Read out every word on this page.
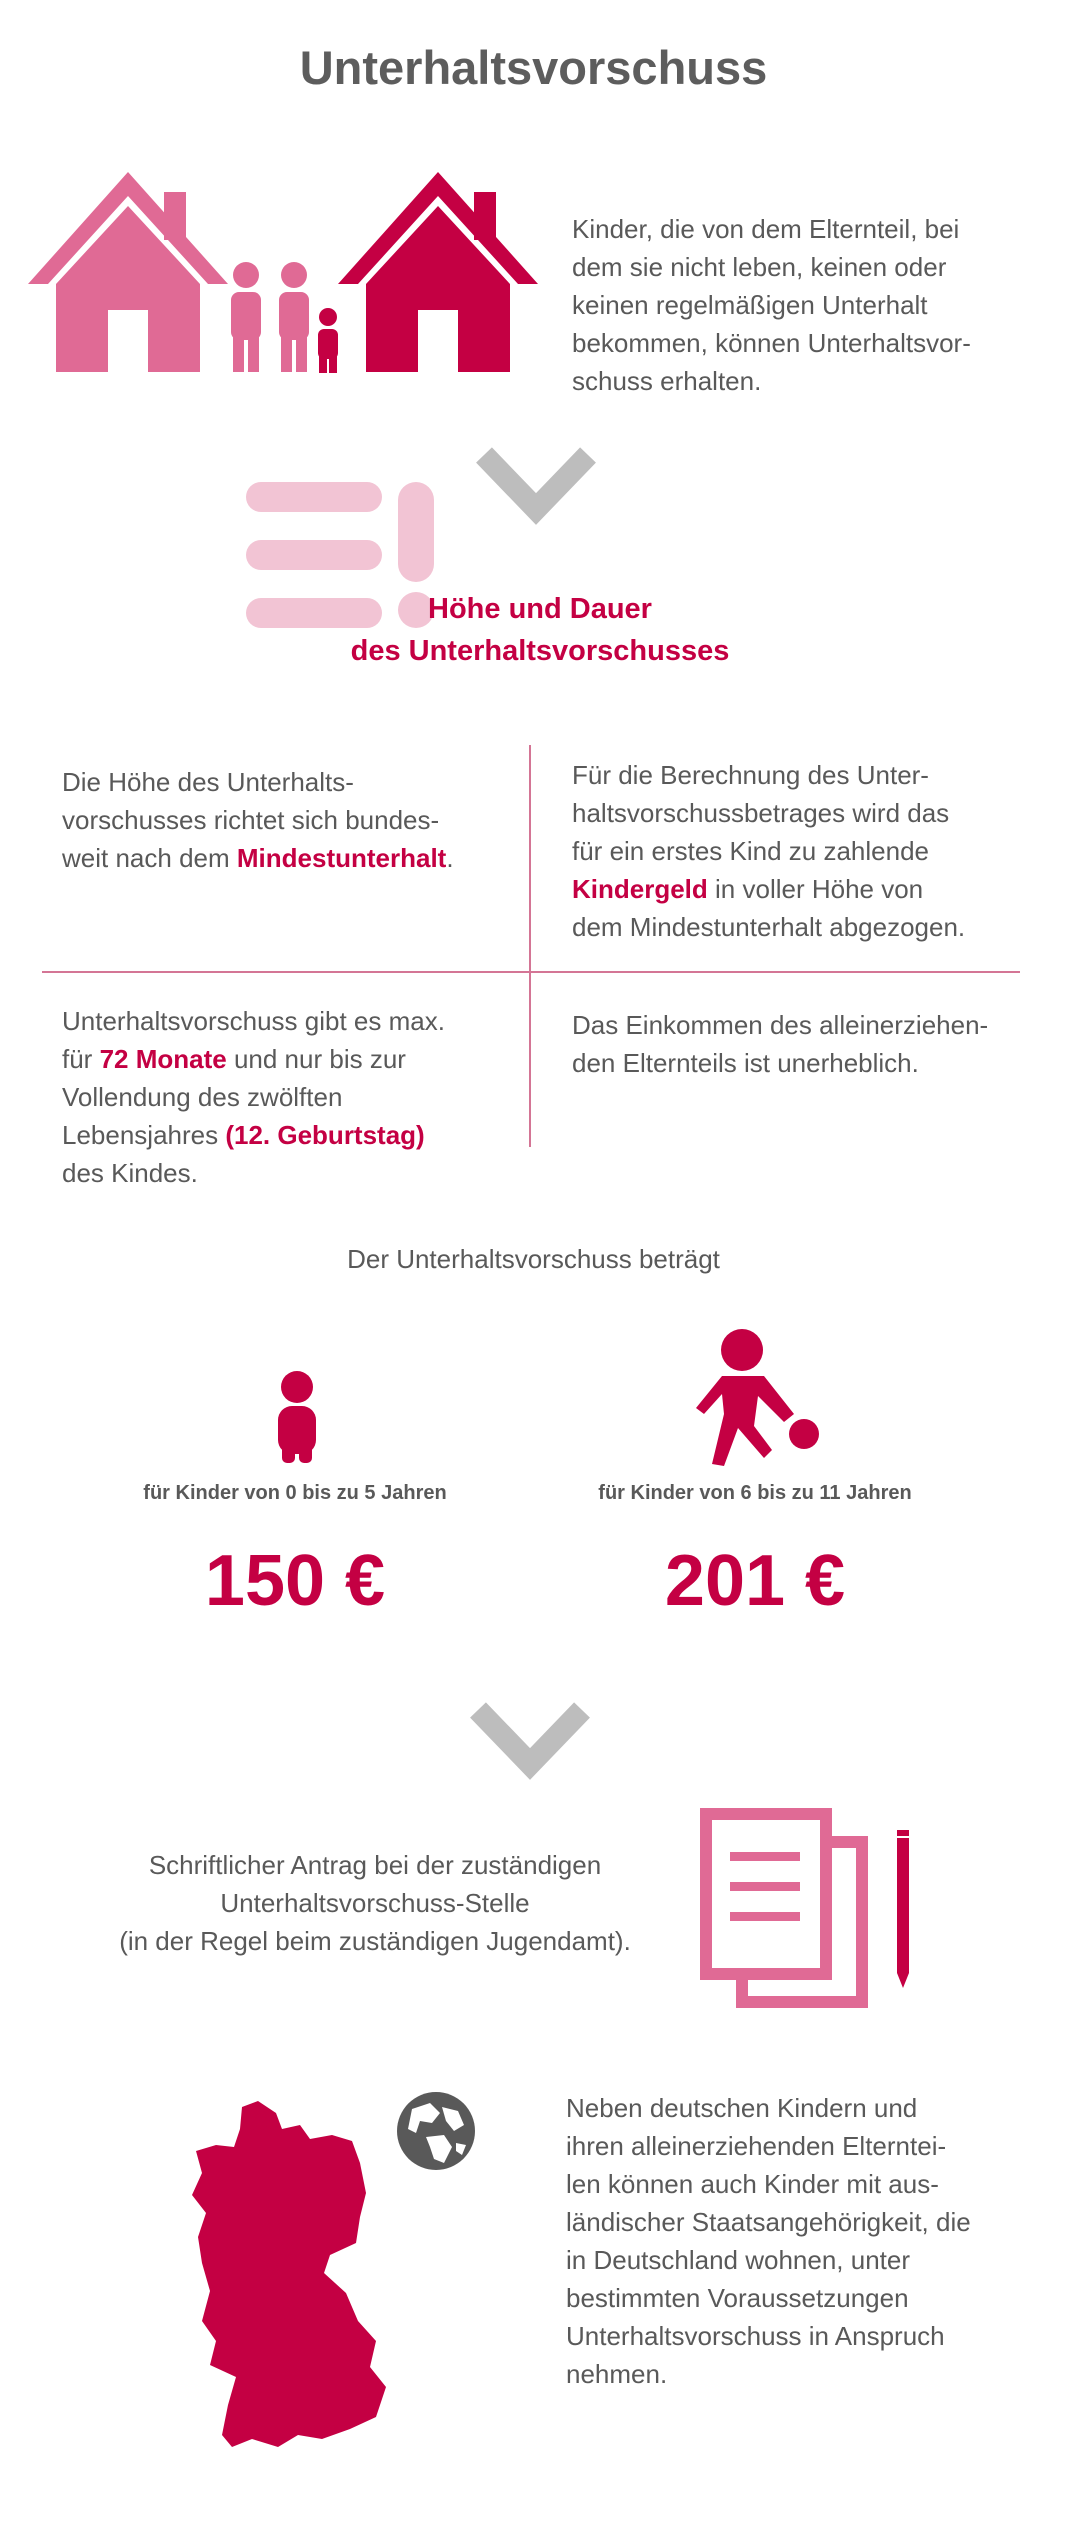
Unterhaltsvorschuss
Kinder, die von dem Elternteil, bei
dem sie nicht leben, keinen oder
keinen regelmäßigen Unterhalt
bekommen, können Unterhaltsvor-
schuss erhalten.
Höhe und Dauer
des Unterhaltsvorschusses
Die Höhe des Unterhalts-
vorschusses richtet sich bundes-
weit nach dem Mindestunterhalt.
Für die Berechnung des Unter-
haltsvorschussbetrages wird das
für ein erstes Kind zu zahlende
Kindergeld in voller Höhe von
dem Mindestunterhalt abgezogen.
Unterhaltsvorschuss gibt es max.
für 72 Monate und nur bis zur
Vollendung des zwölften
Lebensjahres (12. Geburtstag)
des Kindes.
Das Einkommen des alleinerziehen-
den Elternteils ist unerheblich.
Der Unterhaltsvorschuss beträgt
für Kinder von 0 bis zu 5 Jahren	für Kinder von 6 bis zu 11 Jahren
150 €	201 €
Schriftlicher Antrag bei der zuständigen
Unterhaltsvorschuss-Stelle
(in der Regel beim zuständigen Jugendamt).
Neben deutschen Kindern und
ihren alleinerziehenden Elterntei-
len können auch Kinder mit aus-
ländischer Staatsangehörigkeit, die
in Deutschland wohnen, unter
bestimmten Voraussetzungen
Unterhaltsvorschuss in Anspruch
nehmen.
